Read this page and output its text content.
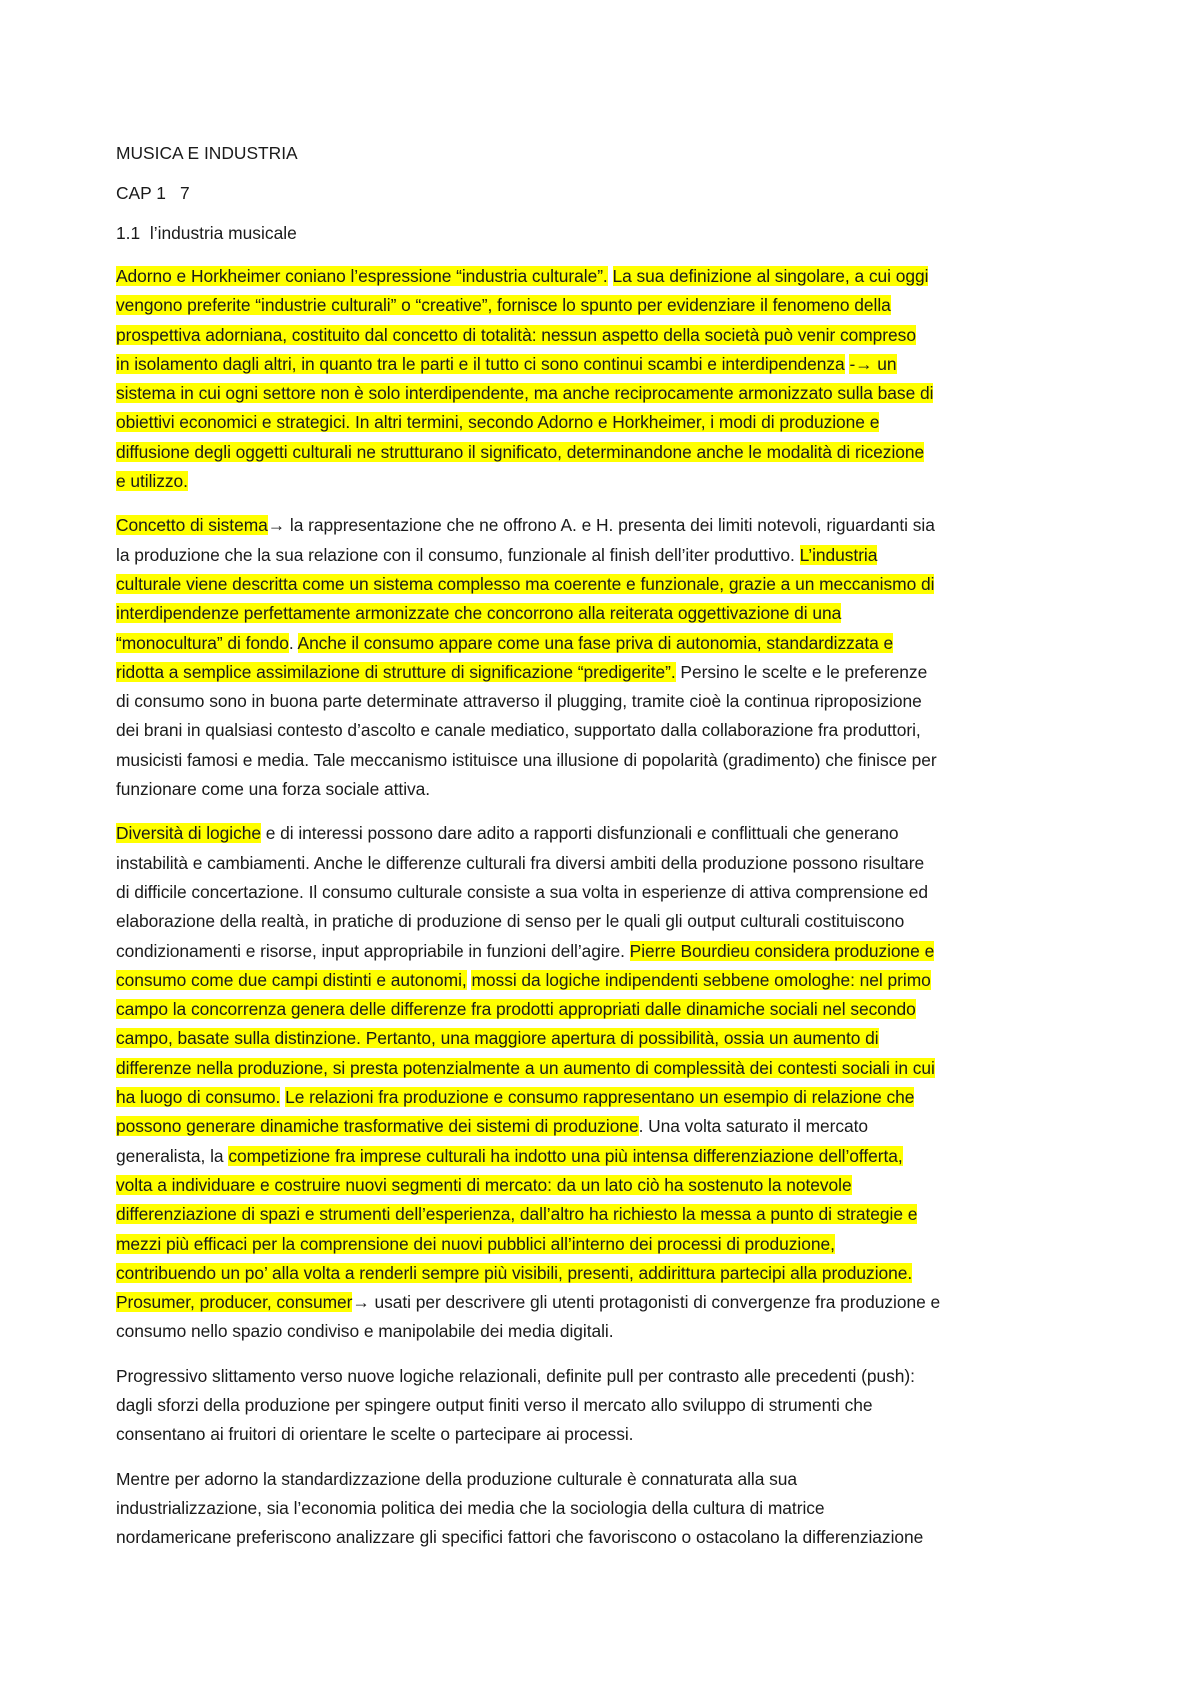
MUSICA E INDUSTRIA
CAP 1 7
1.1 l’industria musicale
Adorno e Horkheimer coniano l’espressione “industria culturale”. La sua definizione al singolare, a cui oggi
vengono preferite “industrie culturali” o “creative”, fornisce lo spunto per evidenziare il fenomeno della
prospettiva adorniana, costituito dal concetto di totalità: nessun aspetto della società può venir compreso
in isolamento dagli altri, in quanto tra le parti e il tutto ci sono continui scambi e interdipendenza -→ un
sistema in cui ogni settore non è solo interdipendente, ma anche reciprocamente armonizzato sulla base di
obiettivi economici e strategici. In altri termini, secondo Adorno e Horkheimer, i modi di produzione e
diffusione degli oggetti culturali ne strutturano il significato, determinandone anche le modalità di ricezione
e utilizzo.
Concetto di sistema→ la rappresentazione che ne offrono A. e H. presenta dei limiti notevoli, riguardanti sia
la produzione che la sua relazione con il consumo, funzionale al finish dell’iter produttivo. L’industria
culturale viene descritta come un sistema complesso ma coerente e funzionale, grazie a un meccanismo di
interdipendenze perfettamente armonizzate che concorrono alla reiterata oggettivazione di una
“monocultura” di fondo. Anche il consumo appare come una fase priva di autonomia, standardizzata e
ridotta a semplice assimilazione di strutture di significazione “predigerite”. Persino le scelte e le preferenze
di consumo sono in buona parte determinate attraverso il plugging, tramite cioè la continua riproposizione
dei brani in qualsiasi contesto d’ascolto e canale mediatico, supportato dalla collaborazione fra produttori,
musicisti famosi e media. Tale meccanismo istituisce una illusione di popolarità (gradimento) che finisce per
funzionare come una forza sociale attiva.
Diversità di logiche e di interessi possono dare adito a rapporti disfunzionali e conflittuali che generano
instabilità e cambiamenti. Anche le differenze culturali fra diversi ambiti della produzione possono risultare
di difficile concertazione. Il consumo culturale consiste a sua volta in esperienze di attiva comprensione ed
elaborazione della realtà, in pratiche di produzione di senso per le quali gli output culturali costituiscono
condizionamenti e risorse, input appropriabile in funzioni dell’agire. Pierre Bourdieu considera produzione e
consumo come due campi distinti e autonomi, mossi da logiche indipendenti sebbene omologhe: nel primo
campo la concorrenza genera delle differenze fra prodotti appropriati dalle dinamiche sociali nel secondo
campo, basate sulla distinzione. Pertanto, una maggiore apertura di possibilità, ossia un aumento di
differenze nella produzione, si presta potenzialmente a un aumento di complessità dei contesti sociali in cui
ha luogo di consumo. Le relazioni fra produzione e consumo rappresentano un esempio di relazione che
possono generare dinamiche trasformative dei sistemi di produzione. Una volta saturato il mercato
generalista, la competizione fra imprese culturali ha indotto una più intensa differenziazione dell’offerta,
volta a individuare e costruire nuovi segmenti di mercato: da un lato ciò ha sostenuto la notevole
differenziazione di spazi e strumenti dell’esperienza, dall’altro ha richiesto la messa a punto di strategie e
mezzi più efficaci per la comprensione dei nuovi pubblici all’interno dei processi di produzione,
contribuendo un po’ alla volta a renderli sempre più visibili, presenti, addirittura partecipi alla produzione.
Prosumer, producer, consumer→ usati per descrivere gli utenti protagonisti di convergenze fra produzione e
consumo nello spazio condiviso e manipolabile dei media digitali.
Progressivo slittamento verso nuove logiche relazionali, definite pull per contrasto alle precedenti (push):
dagli sforzi della produzione per spingere output finiti verso il mercato allo sviluppo di strumenti che
consentano ai fruitori di orientare le scelte o partecipare ai processi.
Mentre per adorno la standardizzazione della produzione culturale è connaturata alla sua
industrializzazione, sia l’economia politica dei media che la sociologia della cultura di matrice
nordamericane preferiscono analizzare gli specifici fattori che favoriscono o ostacolano la differenziazione
